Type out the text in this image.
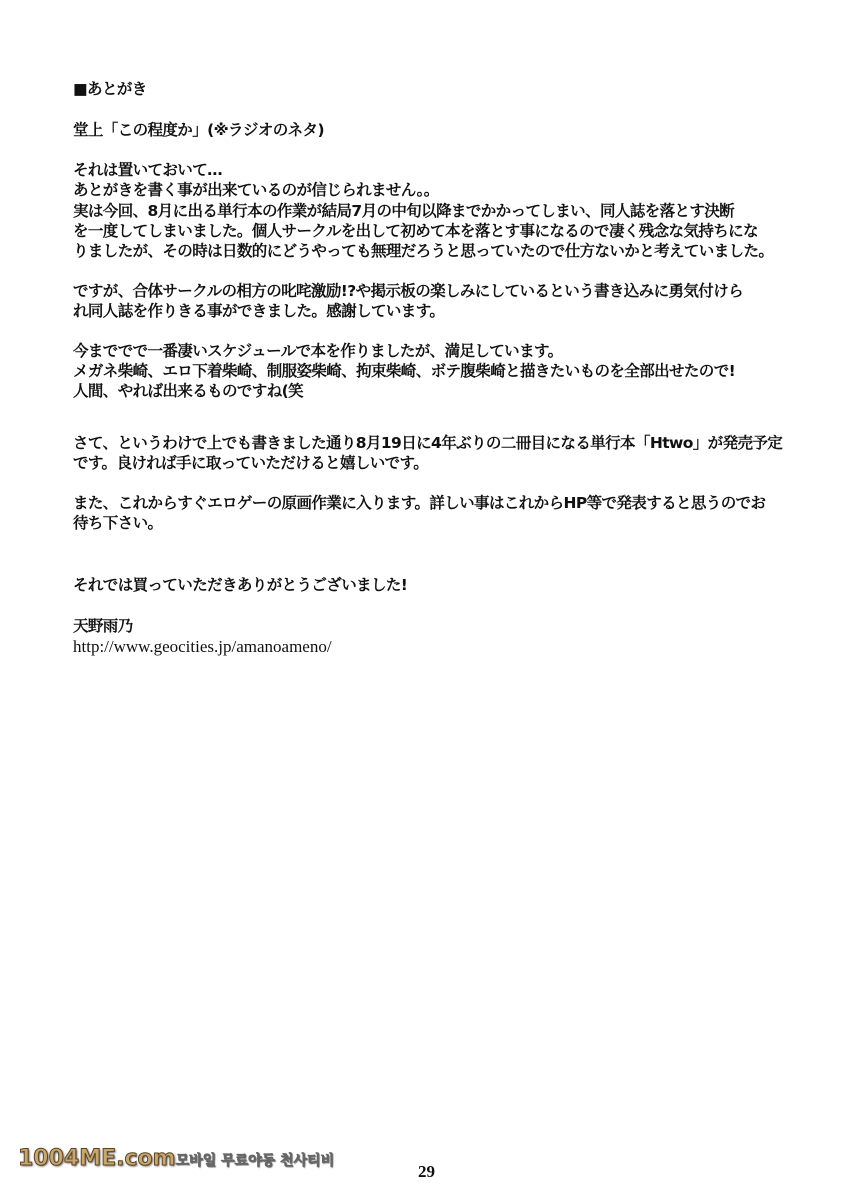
■あとがき
堂上「この程度か」(※ラジオのネタ)
それは置いておいて…
あとがきを書く事が出来ているのが信じられません。。
実は今回、8月に出る単行本の作業が結局7月の中旬以降までかかってしまい、同人誌を落とす決断
を一度してしまいました。個人サークルを出して初めて本を落とす事になるので凄く残念な気持ちにな
りましたが、その時は日数的にどうやっても無理だろうと思っていたので仕方ないかと考えていました。
ですが、合体サークルの相方の叱咤激励!?や掲示板の楽しみにしているという書き込みに勇気付けら
れ同人誌を作りきる事ができました。感謝しています。
今まででで一番凄いスケジュールで本を作りましたが、満足しています。
メガネ柴崎、エロ下着柴崎、制服姿柴崎、拘束柴崎、ボテ腹柴崎と描きたいものを全部出せたので!
人間、やれば出来るものですね(笑
さて、というわけで上でも書きました通り8月19日に4年ぶりの二冊目になる単行本「Htwo」が発売予定
です。良ければ手に取っていただけると嬉しいです。
また、これからすぐエロゲーの原画作業に入ります。詳しい事はこれからHP等で発表すると思うのでお
待ち下さい。
それでは買っていただきありがとうございました!
天野雨乃
http://www.geocities.jp/amanoameno/
1004ME.com모바일 무료야동 천사티비
29
